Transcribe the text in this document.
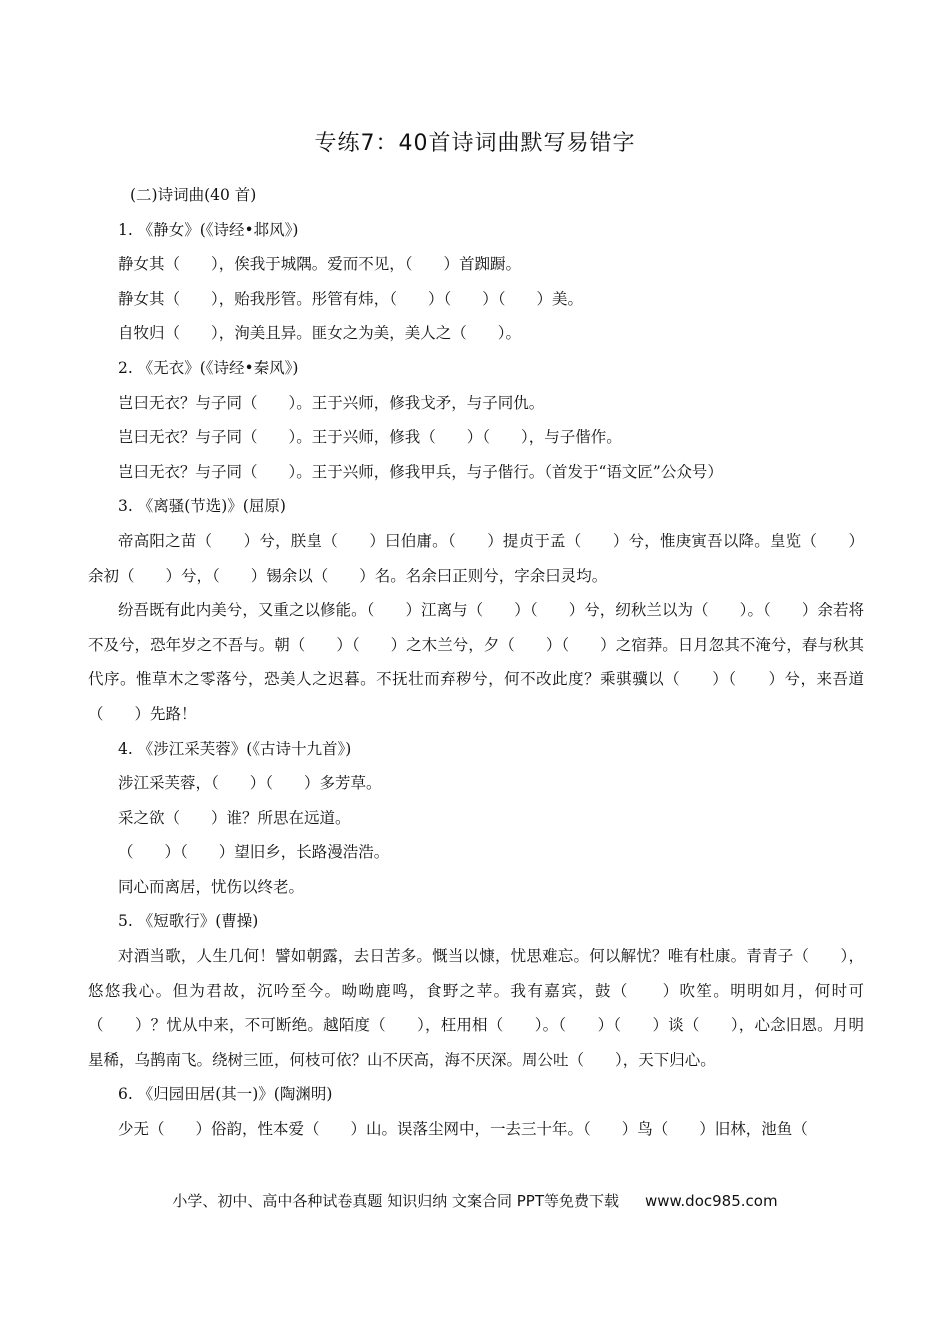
专练7：40首诗词曲默写易错字
(二)诗词曲(40 首)
1. 《静女》(《诗经•邶风》)
静女其（　　），俟我于城隅。爱而不见，（　　）首踟蹰。
静女其（　　），贻我彤管。彤管有炜，（　　）（　　）（　　）美。
自牧归（　　），洵美且异。匪女之为美，美人之（　　）。
2. 《无衣》(《诗经•秦风》)
岂曰无衣？与子同（　　）。王于兴师，修我戈矛，与子同仇。
岂曰无衣？与子同（　　）。王于兴师，修我（　　）（　　），与子偕作。
岂曰无衣？与子同（　　）。王于兴师，修我甲兵，与子偕行。（首发于“语文匠”公众号）
3. 《离骚(节选)》(屈原)
帝高阳之苗（　　）兮，朕皇（　　）曰伯庸。（　　）提贞于孟（　　）兮，惟庚寅吾以降。皇览（　　）余初（　　）兮，（　　）锡余以（　　）名。名余曰正则兮，字余曰灵均。
纷吾既有此内美兮，又重之以修能。（　　）江离与（　　）（　　）兮，纫秋兰以为（　　）。（　　）余若将不及兮，恐年岁之不吾与。朝（　　）（　　）之木兰兮，夕（　　）（　　）之宿莽。日月忽其不淹兮，春与秋其代序。惟草木之零落兮，恐美人之迟暮。不抚壮而弃秽兮，何不改此度？乘骐骥以（　　）（　　）兮，来吾道（　　）先路！
4. 《涉江采芙蓉》(《古诗十九首》)
涉江采芙蓉，（　　）（　　）多芳草。
采之欲（　　）谁？所思在远道。
（　　）（　　）望旧乡，长路漫浩浩。
同心而离居，忧伤以终老。
5. 《短歌行》(曹操)
对酒当歌，人生几何！譬如朝露，去日苦多。慨当以慷，忧思难忘。何以解忧？唯有杜康。青青子（　　），悠悠我心。但为君故，沉吟至今。呦呦鹿鸣，食野之苹。我有嘉宾，鼓（　　）吹笙。明明如月，何时可（　　）？忧从中来，不可断绝。越陌度（　　），枉用相（　　）。（　　）（　　）谈（　　），心念旧恩。月明星稀，乌鹊南飞。绕树三匝，何枝可依？山不厌高，海不厌深。周公吐（　　），天下归心。
6. 《归园田居(其一)》(陶渊明)
少无（　　）俗韵，性本爱（　　）山。误落尘网中，一去三十年。（　　）鸟（　　）旧林，池鱼（
小学、初中、高中各种试卷真题 知识归纳 文案合同 PPT等免费下载 www.doc985.com
